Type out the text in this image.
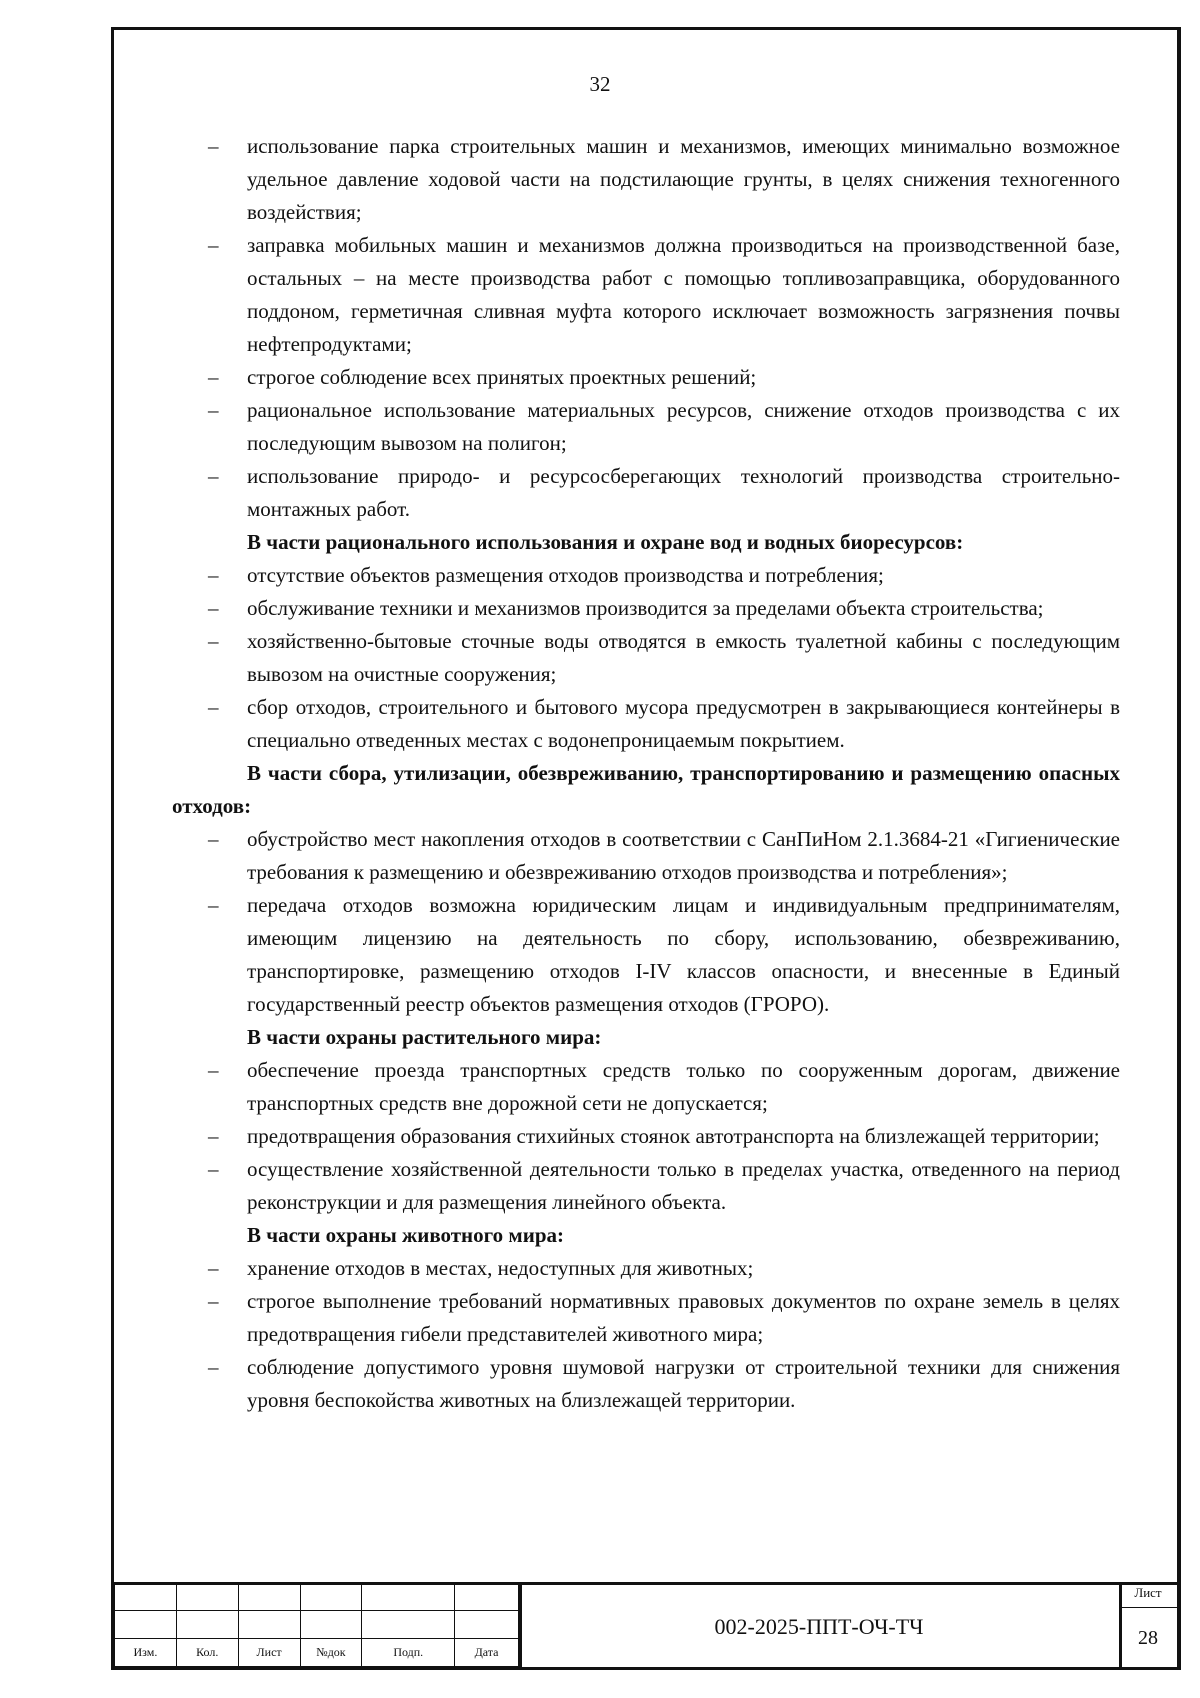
32
– использование парка строительных машин и механизмов, имеющих минимально возможное удельное давление ходовой части на подстилающие грунты, в целях снижения техногенного воздействия;
– заправка мобильных машин и механизмов должна производиться на производственной базе, остальных – на месте производства работ с помощью топливозаправщика, оборудованного поддоном, герметичная сливная муфта которого исключает возможность загрязнения почвы нефтепродуктами;
– строгое соблюдение всех принятых проектных решений;
– рациональное использование материальных ресурсов, снижение отходов производства с их последующим вывозом на полигон;
– использование природо- и ресурсосберегающих технологий производства строительно-монтажных работ.
В части рационального использования и охране вод и водных биоресурсов:
– отсутствие объектов размещения отходов производства и потребления;
– обслуживание техники и механизмов производится за пределами объекта строительства;
– хозяйственно-бытовые сточные воды отводятся в емкость туалетной кабины с последующим вывозом на очистные сооружения;
– сбор отходов, строительного и бытового мусора предусмотрен в закрывающиеся контейнеры в специально отведенных местах с водонепроницаемым покрытием.
В части сбора, утилизации, обезвреживанию, транспортированию и размещению опасных отходов:
– обустройство мест накопления отходов в соответствии с СанПиНом 2.1.3684-21 «Гигиенические требования к размещению и обезвреживанию отходов производства и потребления»;
– передача отходов возможна юридическим лицам и индивидуальным предпринимателям, имеющим лицензию на деятельность по сбору, использованию, обезвреживанию, транспортировке, размещению отходов I-IV классов опасности, и внесенные в Единый государственный реестр объектов размещения отходов (ГРОРО).
В части охраны растительного мира:
– обеспечение проезда транспортных средств только по сооруженным дорогам, движение транспортных средств вне дорожной сети не допускается;
– предотвращения образования стихийных стоянок автотранспорта на близлежащей территории;
– осуществление хозяйственной деятельности только в пределах участка, отведенного на период реконструкции и для размещения линейного объекта.
В части охраны животного мира:
– хранение отходов в местах, недоступных для животных;
– строгое выполнение требований нормативных правовых документов по охране земель в целях предотвращения гибели представителей животного мира;
– соблюдение допустимого уровня шумовой нагрузки от строительной техники для снижения уровня беспокойства животных на близлежащей территории.

Изм.	Кол.	Лист	№док	Подп.	Дата
002-2025-ППТ-ОЧ-ТЧ
Лист
28
